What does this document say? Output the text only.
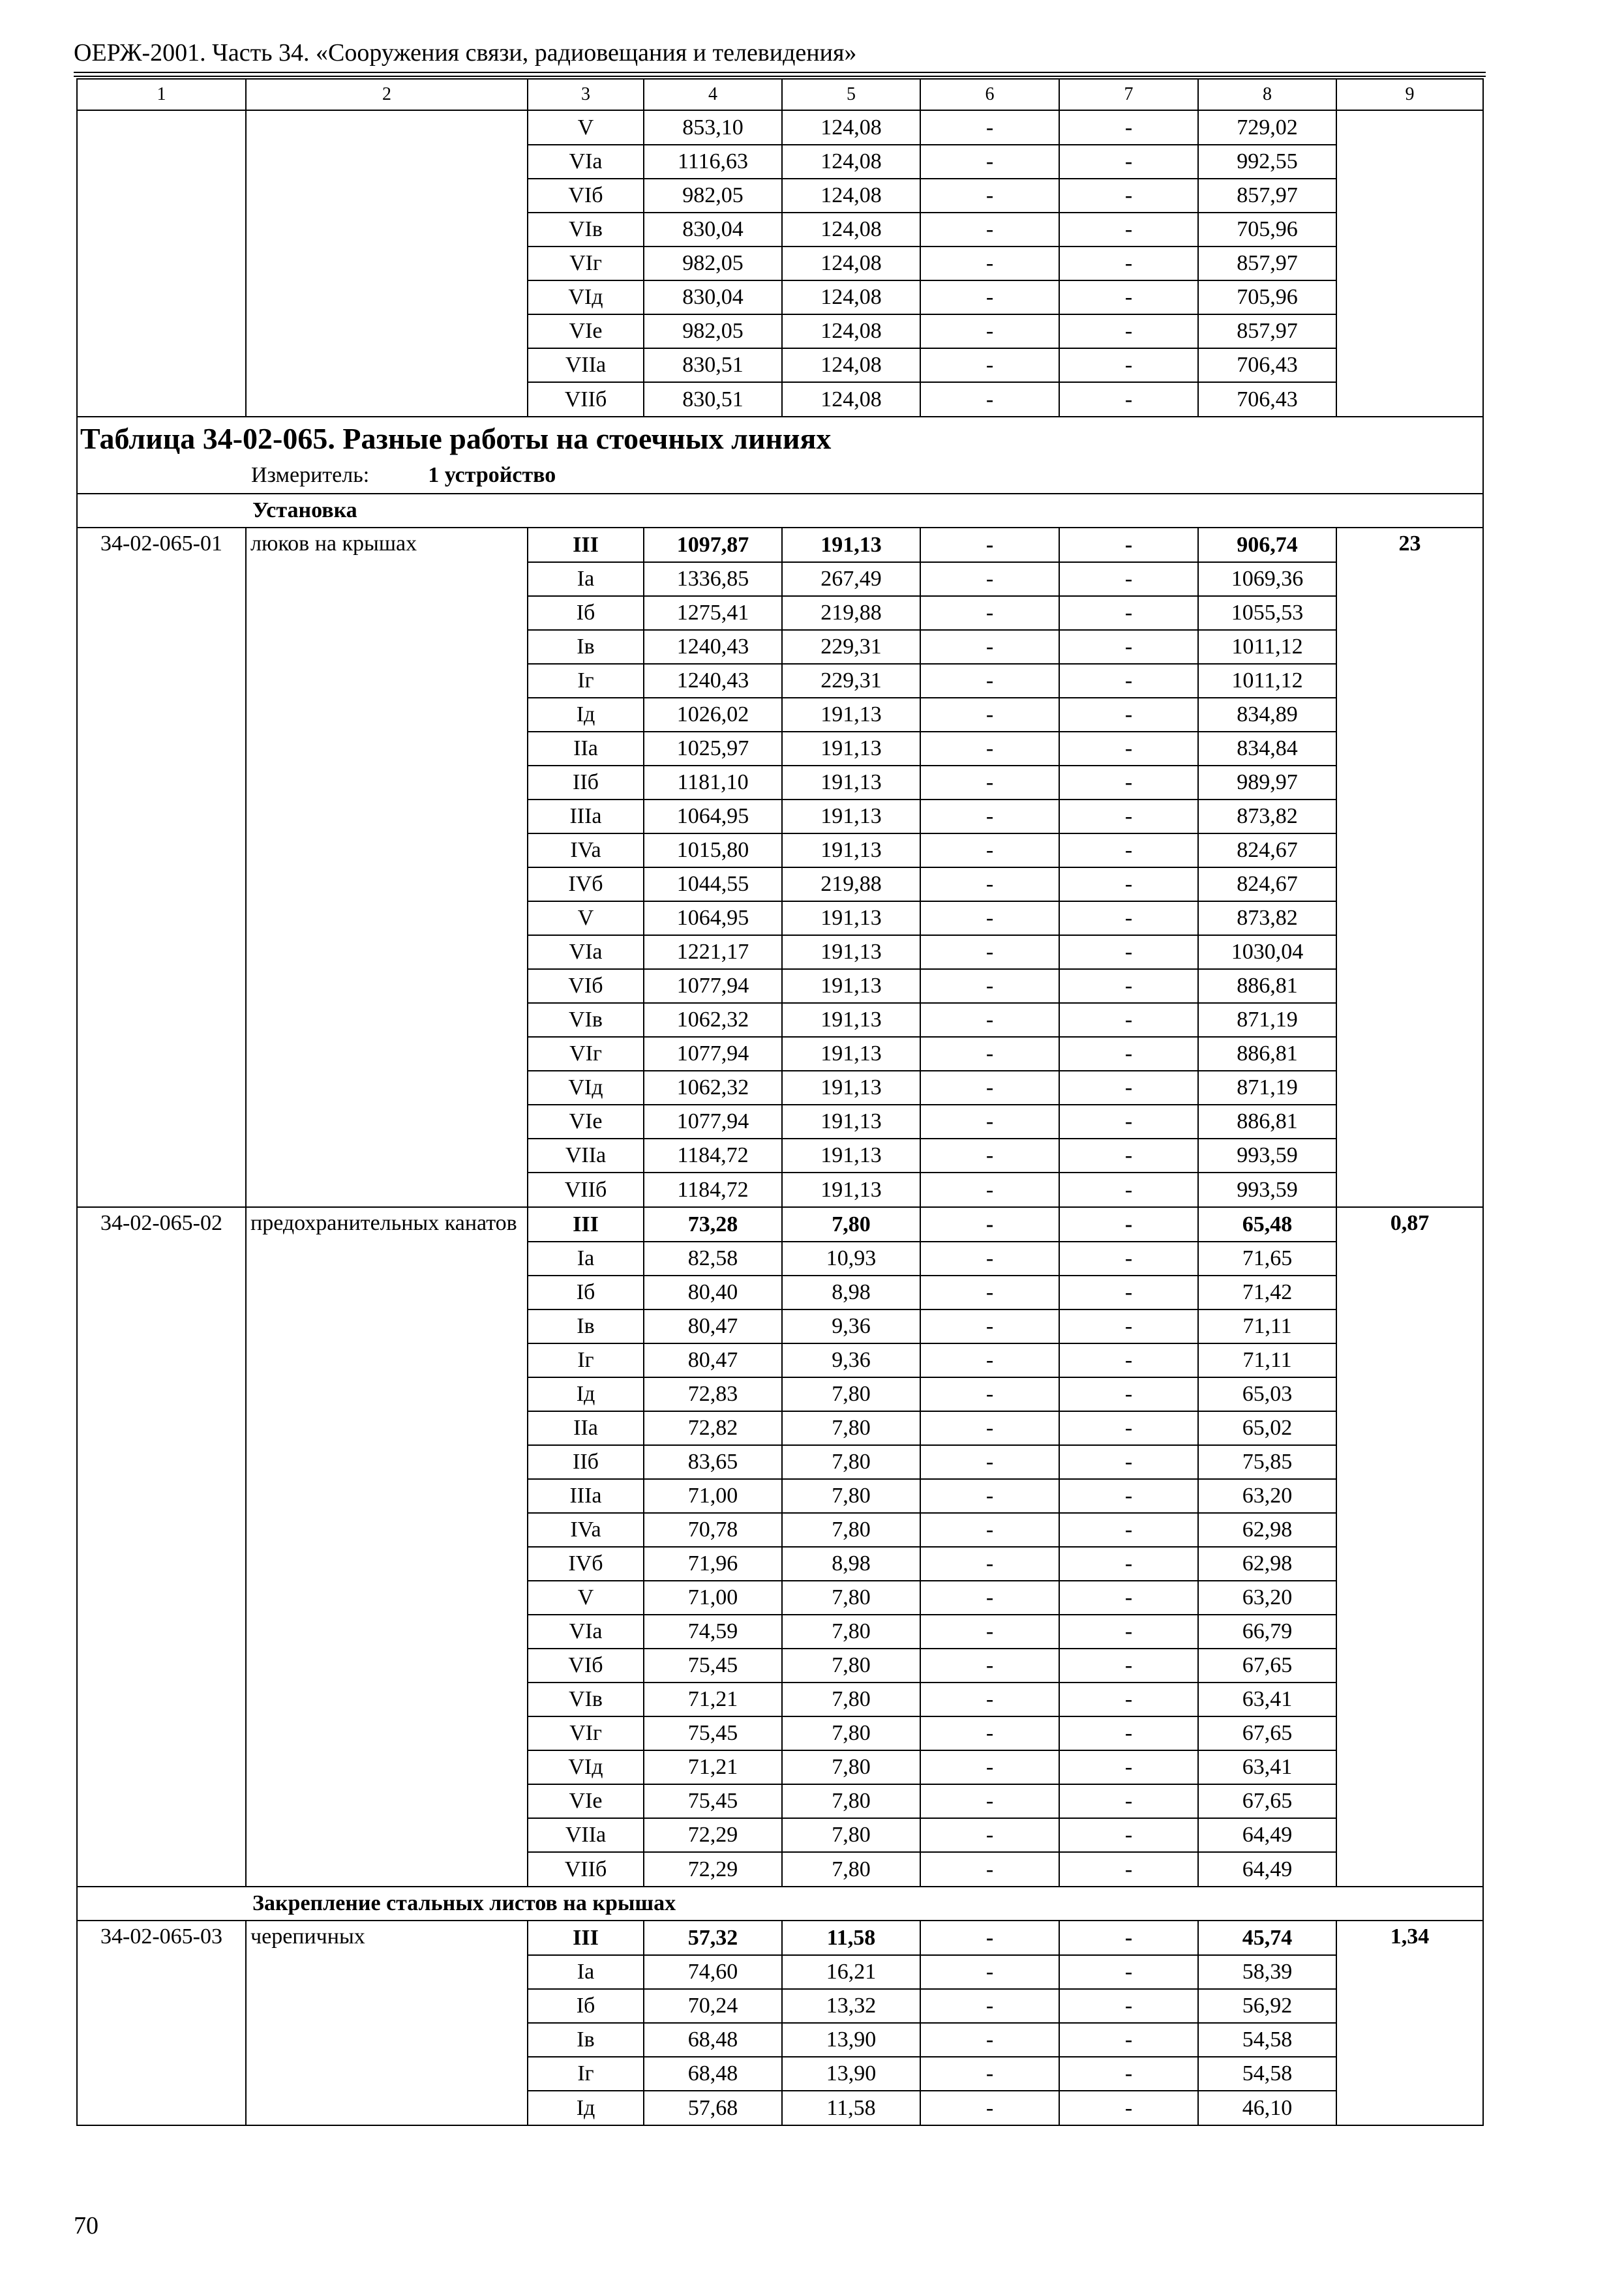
ОЕРЖ-2001. Часть 34. «Сооружения связи, радиовещания и телевидения»
1	2	3	4	5	6	7	8	9
		V	853,10	124,08	-	-	729,02	
		VIa	1116,63	124,08	-	-	992,55	
		VIб	982,05	124,08	-	-	857,97	
		VIв	830,04	124,08	-	-	705,96	
		VIг	982,05	124,08	-	-	857,97	
		VIд	830,04	124,08	-	-	705,96	
		VIe	982,05	124,08	-	-	857,97	
		VIIa	830,51	124,08	-	-	706,43	
		VIIб	830,51	124,08	-	-	706,43	

Таблица 34-02-065. Разные работы на стоечных линиях
Измеритель: 1 устройство								

Установка								
34-02-065-01	люков на крышах	III	1097,87	191,13	-	-	906,74	23
		Ia	1336,85	267,49	-	-	1069,36	
		Iб	1275,41	219,88	-	-	1055,53	
		Iв	1240,43	229,31	-	-	1011,12	
		Iг	1240,43	229,31	-	-	1011,12	
		Iд	1026,02	191,13	-	-	834,89	
		IIa	1025,97	191,13	-	-	834,84	
		IIб	1181,10	191,13	-	-	989,97	
		IIIa	1064,95	191,13	-	-	873,82	
		IVa	1015,80	191,13	-	-	824,67	
		IVб	1044,55	219,88	-	-	824,67	
		V	1064,95	191,13	-	-	873,82	
		VIa	1221,17	191,13	-	-	1030,04	
		VIб	1077,94	191,13	-	-	886,81	
		VIв	1062,32	191,13	-	-	871,19	
		VIг	1077,94	191,13	-	-	886,81	
		VIд	1062,32	191,13	-	-	871,19	
		VIe	1077,94	191,13	-	-	886,81	
		VIIa	1184,72	191,13	-	-	993,59	
		VIIб	1184,72	191,13	-	-	993,59	
34-02-065-02	предохранительных канатов	III	73,28	7,80	-	-	65,48	0,87
		Ia	82,58	10,93	-	-	71,65	
		Iб	80,40	8,98	-	-	71,42	
		Iв	80,47	9,36	-	-	71,11	
		Iг	80,47	9,36	-	-	71,11	
		Iд	72,83	7,80	-	-	65,03	
		IIa	72,82	7,80	-	-	65,02	
		IIб	83,65	7,80	-	-	75,85	
		IIIa	71,00	7,80	-	-	63,20	
		IVa	70,78	7,80	-	-	62,98	
		IVб	71,96	8,98	-	-	62,98	
		V	71,00	7,80	-	-	63,20	
		VIa	74,59	7,80	-	-	66,79	
		VIб	75,45	7,80	-	-	67,65	
		VIв	71,21	7,80	-	-	63,41	
		VIг	75,45	7,80	-	-	67,65	
		VIд	71,21	7,80	-	-	63,41	
		VIe	75,45	7,80	-	-	67,65	
		VIIa	72,29	7,80	-	-	64,49	
		VIIб	72,29	7,80	-	-	64,49	
Закрепление стальных листов на крышах								
34-02-065-03	черепичных	III	57,32	11,58	-	-	45,74	1,34
		Ia	74,60	16,21	-	-	58,39	
		Iб	70,24	13,32	-	-	56,92	
		Iв	68,48	13,90	-	-	54,58	
		Iг	68,48	13,90	-	-	54,58	
		Iд	57,68	11,58	-	-	46,10	
70
